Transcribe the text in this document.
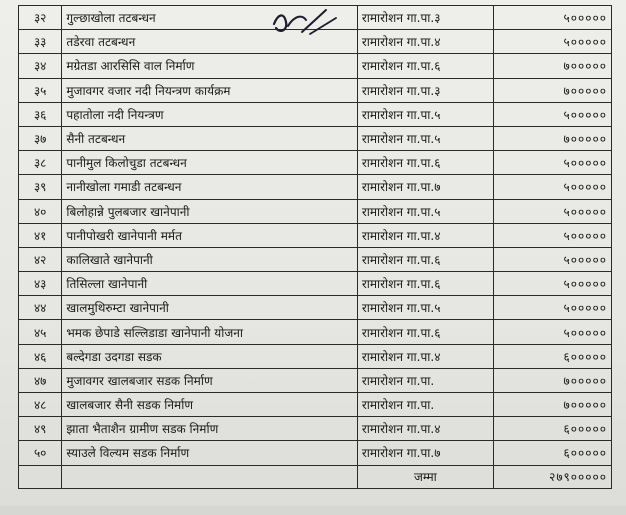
३२	गुल्छाखोला तटबन्धन	रामारोशन गा.पा.३	५०००००
३३	तडेरवा तटबन्धन	रामारोशन गा.पा.४	५०००००
३४	मग्रेतडा आरसिसि वाल निर्माण	रामारोशन गा.पा.६	७०००००
३५	मुजावगर वजार नदी नियन्त्रण कार्यक्रम	रामारोशन गा.पा.३	७०००००
३६	पहातोला नदी नियन्त्रण	रामारोशन गा.पा.५	५०००००
३७	सैनी तटबन्धन	रामारोशन गा.पा.५	७०००००
३८	पानीमुल किलोचुडा तटबन्धन	रामारोशन गा.पा.६	५०००००
३९	नानीखोला गमाडी तटबन्धन	रामारोशन गा.पा.७	५०००००
४०	बिलोहान्ने पुलबजार खानेपानी	रामारोशन गा.पा.५	५०००००
४१	पानीपोखरी खानेपानी मर्मत	रामारोशन गा.पा.४	५०००००
४२	कालिखाते खानेपानी	रामारोशन गा.पा.६	५०००००
४३	तिसिल्ला खानेपानी	रामारोशन गा.पा.६	५०००००
४४	खालमुथिरुम्टा खानेपानी	रामारोशन गा.पा.५	५०००००
४५	भमक छेपाडे सल्लिडाडा खानेपानी योजना	रामारोशन गा.पा.६	५०००००
४६	बल्देगडा उदगडा सडक	रामारोशन गा.पा.४	६०००००
४७	मुजावगर खालबजार सडक निर्माण	रामारोशन गा.पा.	७०००००
४८	खालबजार सैनी सडक निर्माण	रामारोशन गा.पा.	७०००००
४९	झाता भैताशैन ग्रामीण सडक निर्माण	रामारोशन गा.पा.४	६०००००
५०	स्याउले विल्यम सडक निर्माण	रामारोशन गा.पा.७	६०००००
		जम्मा	२७९०००००
